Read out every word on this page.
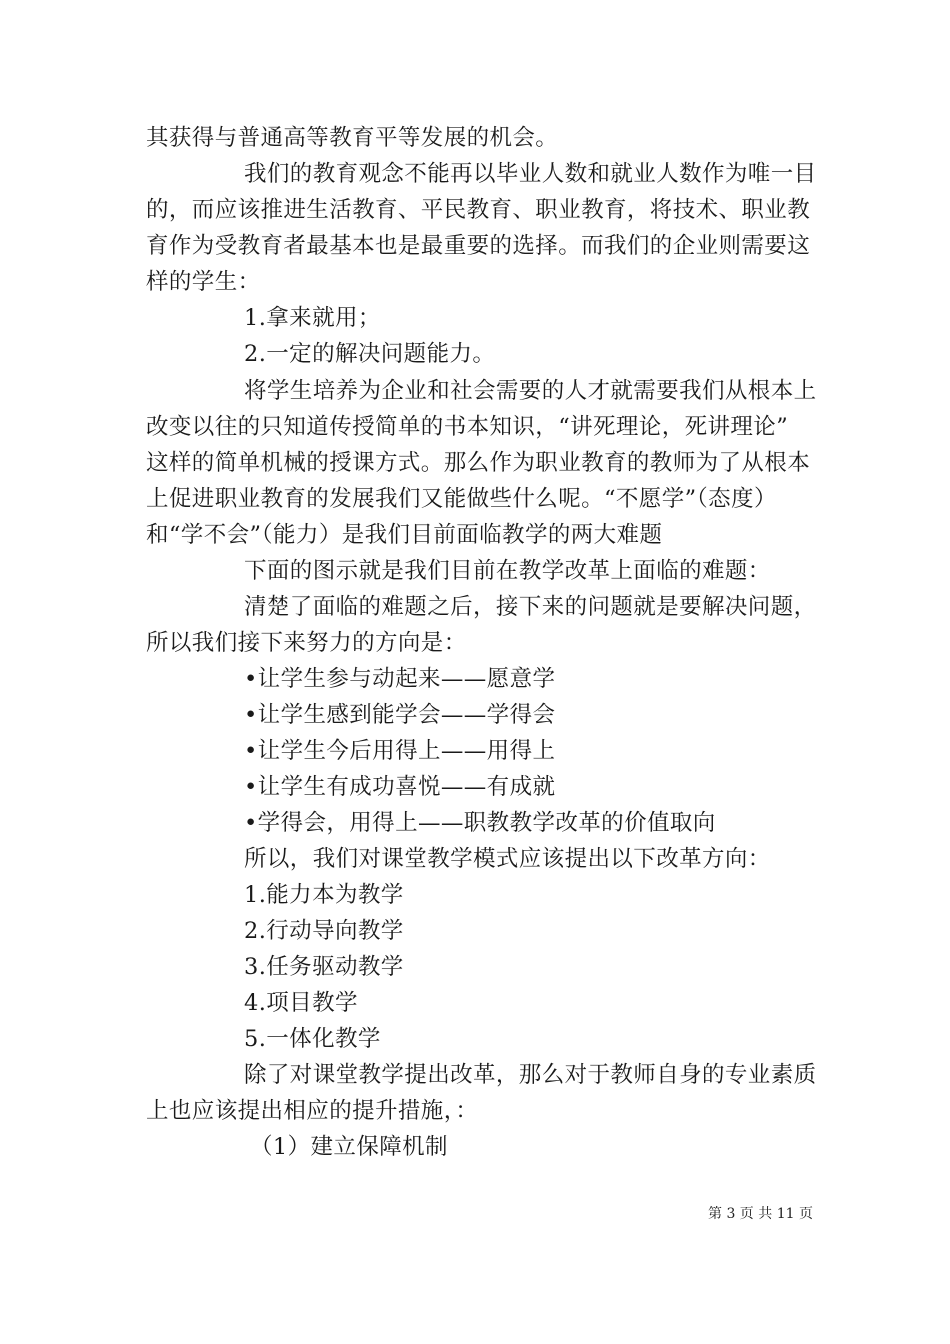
其获得与普通高等教育平等发展的机会。
我们的教育观念不能再以毕业人数和就业人数作为唯一目
的，而应该推进生活教育、平民教育、职业教育，将技术、职业教
育作为受教育者最基本也是最重要的选择。而我们的企业则需要这
样的学生：
1.拿来就用；
2.一定的解决问题能力。
将学生培养为企业和社会需要的人才就需要我们从根本上
改变以往的只知道传授简单的书本知识，“讲死理论，死讲理论”
这样的简单机械的授课方式。那么作为职业教育的教师为了从根本
上促进职业教育的发展我们又能做些什么呢。“不愿学”（态度）
和“学不会”（能力）是我们目前面临教学的两大难题
下面的图示就是我们目前在教学改革上面临的难题：
清楚了面临的难题之后，接下来的问题就是要解决问题，
所以我们接下来努力的方向是：
•让学生参与动起来——愿意学
•让学生感到能学会——学得会
•让学生今后用得上——用得上
•让学生有成功喜悦——有成就
•学得会，用得上——职教教学改革的价值取向
所以，我们对课堂教学模式应该提出以下改革方向：
1.能力本为教学
2.行动导向教学
3.任务驱动教学
4.项目教学
5.一体化教学
除了对课堂教学提出改革，那么对于教师自身的专业素质
上也应该提出相应的提升措施，：
（1）建立保障机制
第 3 页 共 11 页
